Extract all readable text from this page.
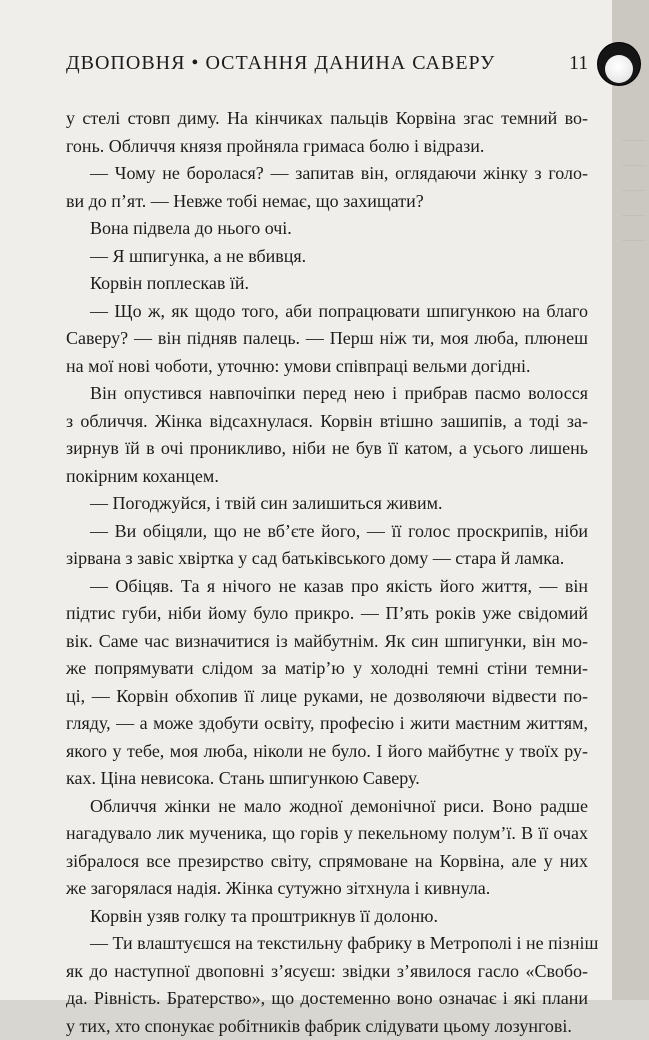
ДВОПОВНЯ • ОСТАННЯ ДАНИНА САВЕРУ	11
у стелі стовп диму. На кінчиках пальців Корвіна згас темний во-
гонь. Обличчя князя пройняла гримаса болю і відрази.
— Чому не боролася? — запитав він, оглядаючи жінку з голо-
ви до п’ят. — Невже тобі немає, що захищати?
Вона підвела до нього очі.
— Я шпигунка, а не вбивця.
Корвін поплескав їй.
— Що ж, як щодо того, аби попрацювати шпигункою на благо
Саверу? — він підняв палець. — Перш ніж ти, моя люба, плюнеш
на мої нові чоботи, уточню: умови співпраці вельми догідні.
Він опустився навпочіпки перед нею і прибрав пасмо волосся
з обличчя. Жінка відсахнулася. Корвін втішно зашипів, а тоді за-
зирнув їй в очі проникливо, ніби не був її катом, а усього лишень
покірним коханцем.
— Погоджуйся, і твій син залишиться живим.
— Ви обіцяли, що не вб’єте його, — її голос проскрипів, ніби
зірвана з завіс хвіртка у сад батьківського дому — стара й ламка.
— Обіцяв. Та я нічого не казав про якість його життя, — він
підтис губи, ніби йому було прикро. — П’ять років уже свідомий
вік. Саме час визначитися із майбутнім. Як син шпигунки, він мо-
же попрямувати слідом за матір’ю у холодні темні стіни темни-
ці, — Корвін обхопив її лице руками, не дозволяючи відвести по-
гляду, — а може здобути освіту, професію і жити маєтним життям,
якого у тебе, моя люба, ніколи не було. І його майбутнє у твоїх ру-
ках. Ціна невисока. Стань шпигункою Саверу.
Обличчя жінки не мало жодної демонічної риси. Воно радше
нагадувало лик мученика, що горів у пекельному полум’ї. В її очах
зібралося все презирство світу, спрямоване на Корвіна, але у них
же загорялася надія. Жінка сутужно зітхнула і кивнула.
Корвін узяв голку та проштрикнув її долоню.
— Ти влаштуєшся на текстильну фабрику в Метрополі і не пізніш
як до наступної двоповні з’ясуєш: звідки з’явилося гасло «Свобо-
да. Рівність. Братерство», що достеменно воно означає і які плани
у тих, хто спонукає робітників фабрик слідувати цьому лозунгові.
